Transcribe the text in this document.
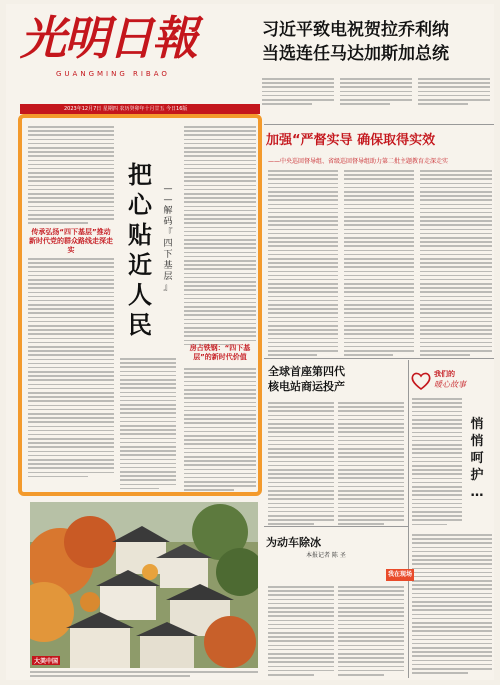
光明日報
GUANGMING RIBAO
2023年12月7日 星期四 农历癸卯年十月廿五 今日16版
习近平致电祝贺拉乔利纳
当选连任马达加斯加总统
传承弘扬“四下基层”推动新时代党的群众路线走深走实
把
心
贴
近
人
民
—
—
解
码
『
四
下
基
层
』
房占铁钢：“四下基层”的新时代价值
加强“严督实导 确保取得实效
——中央巡回督导组、省级巡回督导组助力第二批主题教育走深走实
全球首座第四代
核电站商运投产
我们的
暖心故事
悄
悄
呵
护
…
为动车除冰
本报记者 陈 圣
我在现场
大美中国
